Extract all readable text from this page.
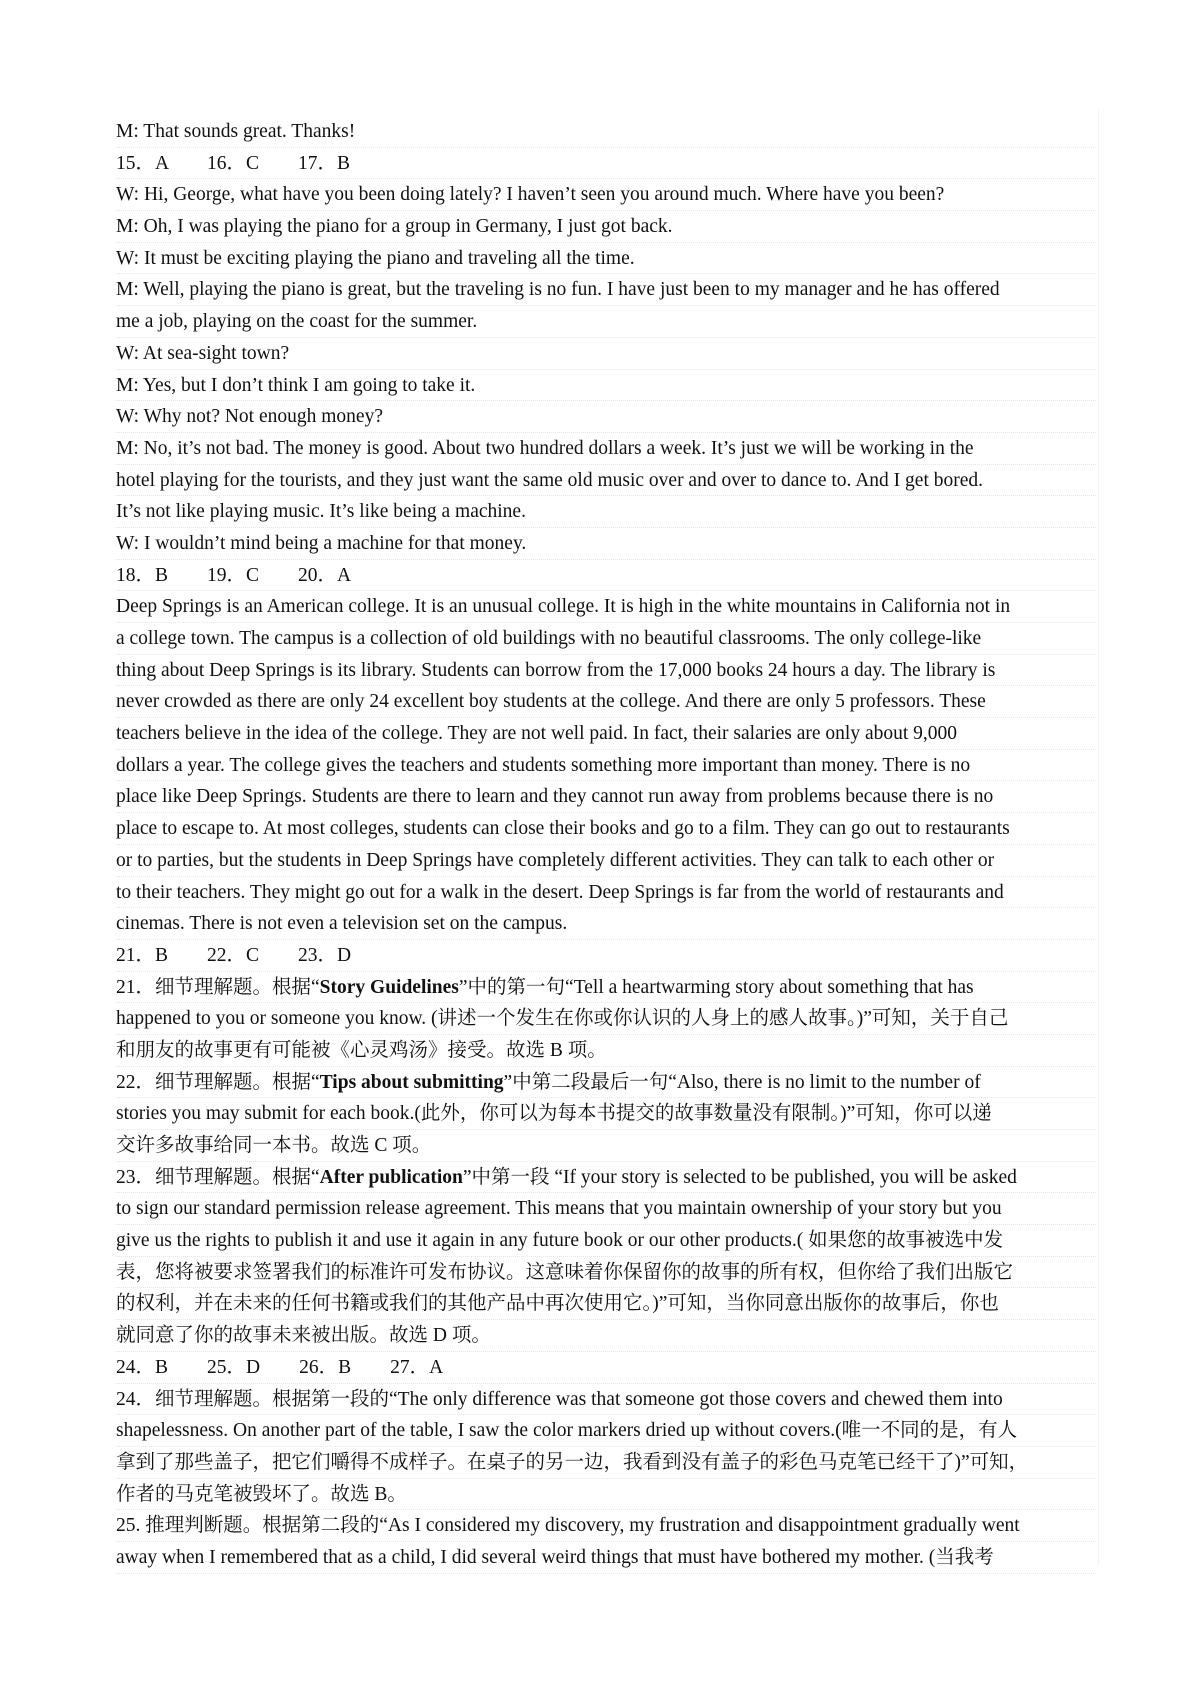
M: That sounds great. Thanks!
15．A　　16．C　　17．B
W: Hi, George, what have you been doing lately? I haven’t seen you around much. Where have you been?
M: Oh, I was playing the piano for a group in Germany, I just got back.
W: It must be exciting playing the piano and traveling all the time.
M: Well, playing the piano is great, but the traveling is no fun. I have just been to my manager and he has offered
me a job, playing on the coast for the summer.
W: At sea-sight town?
M: Yes, but I don’t think I am going to take it.
W: Why not? Not enough money?
M: No, it’s not bad. The money is good. About two hundred dollars a week. It’s just we will be working in the
hotel playing for the tourists, and they just want the same old music over and over to dance to. And I get bored.
It’s not like playing music. It’s like being a machine.
W: I wouldn’t mind being a machine for that money.
18．B　　19．C　　20．A
Deep Springs is an American college. It is an unusual college. It is high in the white mountains in California not in
a college town. The campus is a collection of old buildings with no beautiful classrooms. The only college-like
thing about Deep Springs is its library. Students can borrow from the 17,000 books 24 hours a day. The library is
never crowded as there are only 24 excellent boy students at the college. And there are only 5 professors. These
teachers believe in the idea of the college. They are not well paid. In fact, their salaries are only about 9,000
dollars a year. The college gives the teachers and students something more important than money. There is no
place like Deep Springs. Students are there to learn and they cannot run away from problems because there is no
place to escape to. At most colleges, students can close their books and go to a film. They can go out to restaurants
or to parties, but the students in Deep Springs have completely different activities. They can talk to each other or
to their teachers. They might go out for a walk in the desert. Deep Springs is far from the world of restaurants and
cinemas. There is not even a television set on the campus.
21．B　　22．C　　23．D
21．细节理解题。根据“Story Guidelines”中的第一句“Tell a heartwarming story about something that has
happened to you or someone you know. (讲述一个发生在你或你认识的人身上的感人故事。)”可知，关于自己
和朋友的故事更有可能被《心灵鸡汤》接受。故选 B 项。
22．细节理解题。根据“Tips about submitting”中第二段最后一句“Also, there is no limit to the number of
stories you may submit for each book.(此外，你可以为每本书提交的故事数量没有限制。)”可知，你可以递
交许多故事给同一本书。故选 C 项。
23．细节理解题。根据“After publication”中第一段 “If your story is selected to be published, you will be asked
to sign our standard permission release agreement. This means that you maintain ownership of your story but you
give us the rights to publish it and use it again in any future book or our other products.( 如果您的故事被选中发
表，您将被要求签署我们的标准许可发布协议。这意味着你保留你的故事的所有权，但你给了我们出版它
的权利，并在未来的任何书籍或我们的其他产品中再次使用它。)”可知，当你同意出版你的故事后，你也
就同意了你的故事未来被出版。故选 D 项。
24．B　　25．D　　26．B　　27．A
24．细节理解题。根据第一段的“The only difference was that someone got those covers and chewed them into
shapelessness. On another part of the table, I saw the color markers dried up without covers.(唯一不同的是，有人
拿到了那些盖子，把它们嚼得不成样子。在桌子的另一边，我看到没有盖子的彩色马克笔已经干了)”可知，
作者的马克笔被毁坏了。故选 B。
25. 推理判断题。根据第二段的“As I considered my discovery, my frustration and disappointment gradually went
away when I remembered that as a child, I did several weird things that must have bothered my mother. (当我考
